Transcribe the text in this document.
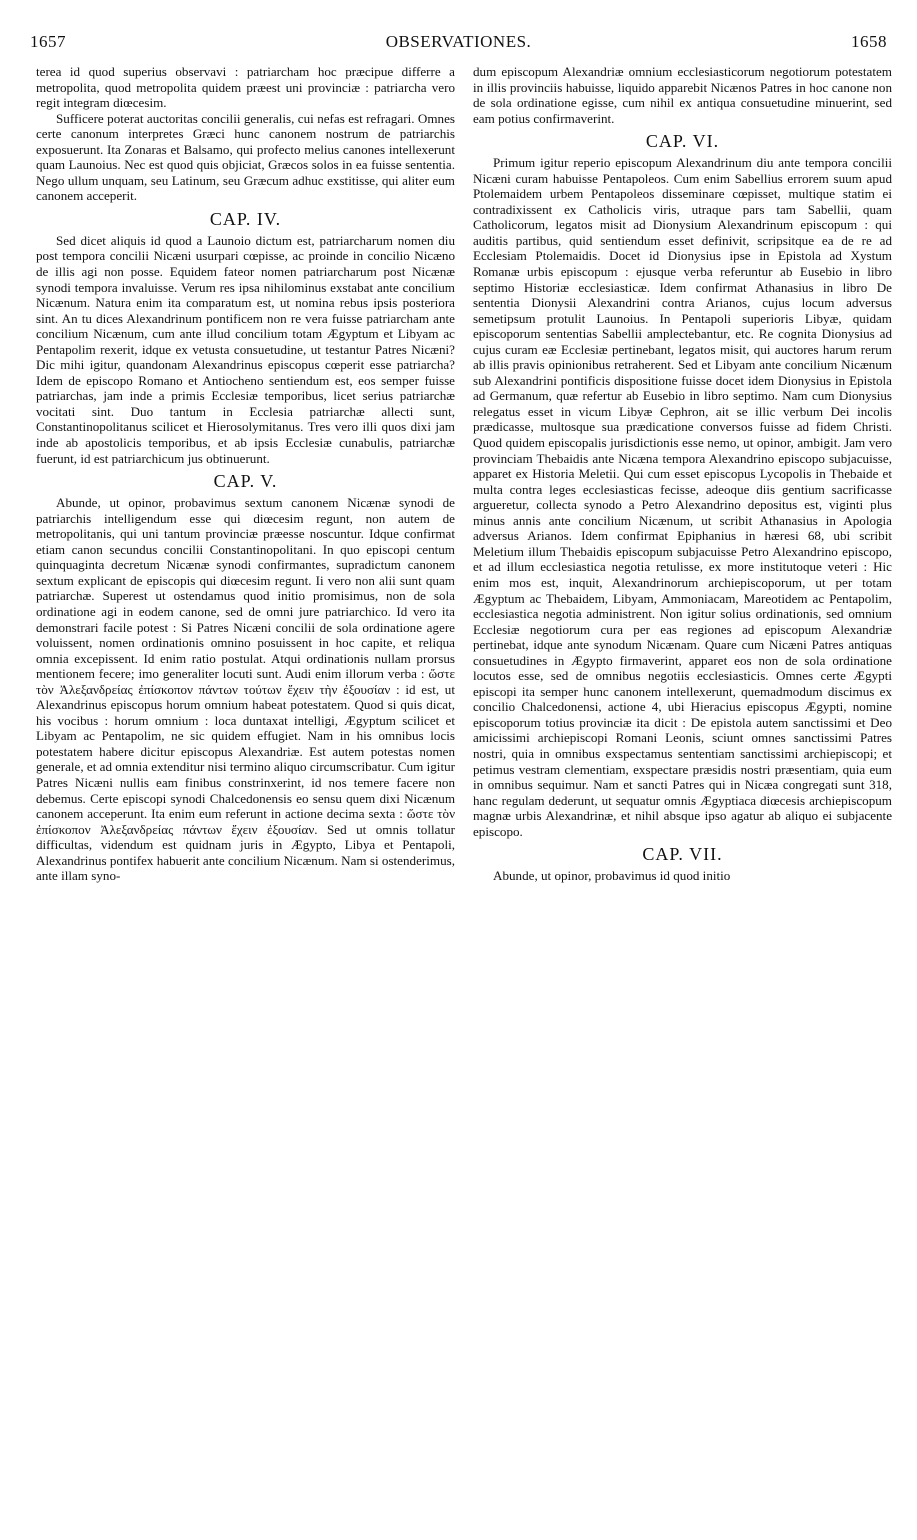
1657	OBSERVATIONES.	1658

terea id quod superius observavi : patriarcham hoc præcipue differre a metropolita, quod metropolita quidem præest uni provinciæ : patriarcha vero regit integram diœcesim.

Sufficere poterat auctoritas concilii generalis, cui nefas est refragari. Omnes certe canonum interpretes Græci hunc canonem nostrum de patriarchis exposuerunt. Ita Zonaras et Balsamo, qui profecto melius canones intellexerunt quam Launoius. Nec est quod quis objiciat, Græcos solos in ea fuisse sententia. Nego ullum unquam, seu Latinum, seu Græcum adhuc exstitisse, qui aliter eum canonem acceperit.

CAP. IV.

Sed dicet aliquis id quod a Launoio dictum est, patriarcharum nomen diu post tempora concilii Nicæni usurpari cœpisse, ac proinde in concilio Nicæno de illis agi non posse. Equidem fateor nomen patriarcharum post Nicænæ synodi tempora invaluisse. Verum res ipsa nihilominus exstabat ante concilium Nicænum. Natura enim ita comparatum est, ut nomina rebus ipsis posteriora sint. An tu dices Alexandrinum pontificem non re vera fuisse patriarcham ante concilium Nicænum, cum ante illud concilium totam Ægyptum et Libyam ac Pentapolim rexerit, idque ex vetusta consuetudine, ut testantur Patres Nicæni? Dic mihi igitur, quandonam Alexandrinus episcopus cœperit esse patriarcha? Idem de episcopo Romano et Antiocheno sentiendum est, eos semper fuisse patriarchas, jam inde a primis Ecclesiæ temporibus, licet serius patriarchæ vocitati sint. Duo tantum in Ecclesia patriarchæ allecti sunt, Constantinopolitanus scilicet et Hierosolymitanus. Tres vero illi quos dixi jam inde ab apostolicis temporibus, et ab ipsis Ecclesiæ cunabulis, patriarchæ fuerunt, id est patriarchicum jus obtinuerunt.

CAP. V.

Abunde, ut opinor, probavimus sextum canonem Nicænæ synodi de patriarchis intelligendum esse qui diœcesim regunt, non autem de metropolitanis, qui uni tantum provinciæ præesse noscuntur. Idque confirmat etiam canon secundus concilii Constantinopolitani. In quo episcopi centum quinquaginta decretum Nicænæ synodi confirmantes, supradictum canonem sextum explicant de episcopis qui diœcesim regunt. Ii vero non alii sunt quam patriarchæ. Superest ut ostendamus quod initio promisimus, non de sola ordinatione agi in eodem canone, sed de omni jure patriarchico. Id vero ita demonstrari facile potest : Si Patres Nicæni concilii de sola ordinatione agere voluissent, nomen ordinationis omnino posuissent in hoc capite, et reliqua omnia excepissent. Id enim ratio postulat. Atqui ordinationis nullam prorsus mentionem fecere; imo generaliter locuti sunt. Audi enim illorum verba : ὥστε τὸν Ἀλεξανδρείας ἐπίσκοπον πάντων τούτων ἔχειν τὴν ἐξουσίαν : id est, ut Alexandrinus episcopus horum omnium habeat potestatem. Quod si quis dicat, his vocibus : horum omnium : loca duntaxat intelligi, Ægyptum scilicet et Libyam ac Pentapolim, ne sic quidem effugiet. Nam in his omnibus locis potestatem habere dicitur episcopus Alexandriæ. Est autem potestas nomen generale, et ad omnia extenditur nisi termino aliquo circumscribatur. Cum igitur Patres Nicæni nullis eam finibus constrinxerint, id nos temere facere non debemus. Certe episcopi synodi Chalcedonensis eo sensu quem dixi Nicænum canonem acceperunt. Ita enim eum referunt in actione decima sexta : ὥστε τὸν ἐπίσκοπον Ἀλεξανδρείας πάντων ἔχειν ἐξουσίαν. Sed ut omnis tollatur difficultas, videndum est quidnam juris in Ægypto, Libya et Pentapoli, Alexandrinus pontifex habuerit ante concilium Nicænum. Nam si ostenderimus, ante illam syno-

dum episcopum Alexandriæ omnium ecclesiasticorum negotiorum potestatem in illis provinciis habuisse, liquido apparebit Nicænos Patres in hoc canone non de sola ordinatione egisse, cum nihil ex antiqua consuetudine minuerint, sed eam potius confirmaverint.

CAP. VI.

Primum igitur reperio episcopum Alexandrinum diu ante tempora concilii Nicæni curam habuisse Pentapoleos. Cum enim Sabellius errorem suum apud Ptolemaidem urbem Pentapoleos disseminare cœpisset, multique statim ei contradixissent ex Catholicis viris, utraque pars tam Sabellii, quam Catholicorum, legatos misit ad Dionysium Alexandrinum episcopum : qui auditis partibus, quid sentiendum esset definivit, scripsitque ea de re ad Ecclesiam Ptolemaidis. Docet id Dionysius ipse in Epistola ad Xystum Romanæ urbis episcopum : ejusque verba referuntur ab Eusebio in libro septimo Historiæ ecclesiasticæ. Idem confirmat Athanasius in libro De sententia Dionysii Alexandrini contra Arianos, cujus locum adversus semetipsum protulit Launoius. In Pentapoli superioris Libyæ, quidam episcoporum sententias Sabellii amplectebantur, etc. Re cognita Dionysius ad cujus curam eæ Ecclesiæ pertinebant, legatos misit, qui auctores harum rerum ab illis pravis opinionibus retraherent. Sed et Libyam ante concilium Nicænum sub Alexandrini pontificis dispositione fuisse docet idem Dionysius in Epistola ad Germanum, quæ refertur ab Eusebio in libro septimo. Nam cum Dionysius relegatus esset in vicum Libyæ Cephron, ait se illic verbum Dei incolis prædicasse, multosque sua prædicatione conversos fuisse ad fidem Christi. Quod quidem episcopalis jurisdictionis esse nemo, ut opinor, ambigit. Jam vero provinciam Thebaidis ante Nicæna tempora Alexandrino episcopo subjacuisse, apparet ex Historia Meletii. Qui cum esset episcopus Lycopolis in Thebaide et multa contra leges ecclesiasticas fecisse, adeoque diis gentium sacrificasse argueretur, collecta synodo a Petro Alexandrino depositus est, viginti plus minus annis ante concilium Nicænum, ut scribit Athanasius in Apologia adversus Arianos. Idem confirmat Epiphanius in hæresi 68, ubi scribit Meletium illum Thebaidis episcopum subjacuisse Petro Alexandrino episcopo, et ad illum ecclesiastica negotia retulisse, ex more institutoque veteri : Hic enim mos est, inquit, Alexandrinorum archiepiscoporum, ut per totam Ægyptum ac Thebaidem, Libyam, Ammoniacam, Mareotidem ac Pentapolim, ecclesiastica negotia administrent. Non igitur solius ordinationis, sed omnium Ecclesiæ negotiorum cura per eas regiones ad episcopum Alexandriæ pertinebat, idque ante synodum Nicænam. Quare cum Nicæni Patres antiquas consuetudines in Ægypto firmaverint, apparet eos non de sola ordinatione locutos esse, sed de omnibus negotiis ecclesiasticis. Omnes certe Ægypti episcopi ita semper hunc canonem intellexerunt, quemadmodum discimus ex concilio Chalcedonensi, actione 4, ubi Hieracius episcopus Ægypti, nomine episcoporum totius provinciæ ita dicit : De epistola autem sanctissimi et Deo amicissimi archiepiscopi Romani Leonis, sciunt omnes sanctissimi Patres nostri, quia in omnibus exspectamus sententiam sanctissimi archiepiscopi; et petimus vestram clementiam, exspectare præsidis nostri præsentiam, quia eum in omnibus sequimur. Nam et sancti Patres qui in Nicæa congregati sunt 318, hanc regulam dederunt, ut sequatur omnis Ægyptiaca diœcesis archiepiscopum magnæ urbis Alexandrinæ, et nihil absque ipso agatur ab aliquo ei subjacente episcopo.

CAP. VII.

Abunde, ut opinor, probavimus id quod initio
